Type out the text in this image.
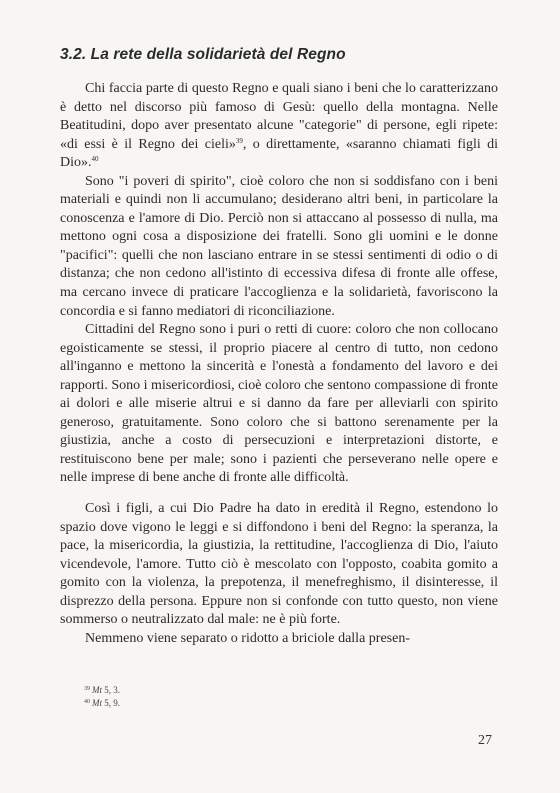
3.2. La rete della solidarietà del Regno

Chi faccia parte di questo Regno e quali siano i beni che lo caratterizzano è detto nel discorso più famoso di Gesù: quello della montagna. Nelle Beatitudini, dopo aver presentato alcune "categorie" di persone, egli ripete: «di essi è il Regno dei cieli»$^{39}$, o direttamente, «saranno chiamati figli di Dio».$^{40}$

Sono "i poveri di spirito", cioè coloro che non si soddisfano con i beni materiali e quindi non li accumulano; desiderano altri beni, in particolare la conoscenza e l'amore di Dio. Perciò non si attaccano al possesso di nulla, ma mettono ogni cosa a disposizione dei fratelli. Sono gli uomini e le donne "pacifici": quelli che non lasciano entrare in se stessi sentimenti di odio o di distanza; che non cedono all'istinto di eccessiva difesa di fronte alle offese, ma cercano invece di praticare l'accoglienza e la solidarietà, favoriscono la concordia e si fanno mediatori di riconciliazione.

Cittadini del Regno sono i puri o retti di cuore: coloro che non collocano egoisticamente se stessi, il proprio piacere al centro di tutto, non cedono all'inganno e mettono la sincerità e l'onestà a fondamento del lavoro e dei rapporti. Sono i misericordiosi, cioè coloro che sentono compassione di fronte ai dolori e alle miserie altrui e si danno da fare per alleviarli con spirito generoso, gratuitamente. Sono coloro che si battono serenamente per la giustizia, anche a costo di persecuzioni e interpretazioni distorte, e restituiscono bene per male; sono i pazienti che perseverano nelle opere e nelle imprese di bene anche di fronte alle difficoltà.

Così i figli, a cui Dio Padre ha dato in eredità il Regno, estendono lo spazio dove vigono le leggi e si diffondono i beni del Regno: la speranza, la pace, la misericordia, la giustizia, la rettitudine, l'accoglienza di Dio, l'aiuto vicendevole, l'amore. Tutto ciò è mescolato con l'opposto, coabita gomito a gomito con la violenza, la prepotenza, il menefreghismo, il disinteresse, il disprezzo della persona. Eppure non si confonde con tutto questo, non viene sommerso o neutralizzato dal male: ne è più forte.

Nemmeno viene separato o ridotto a briciole dalla presen-

$^{39}$ Mt 5, 3.
$^{40}$ Mt 5, 9.
27
